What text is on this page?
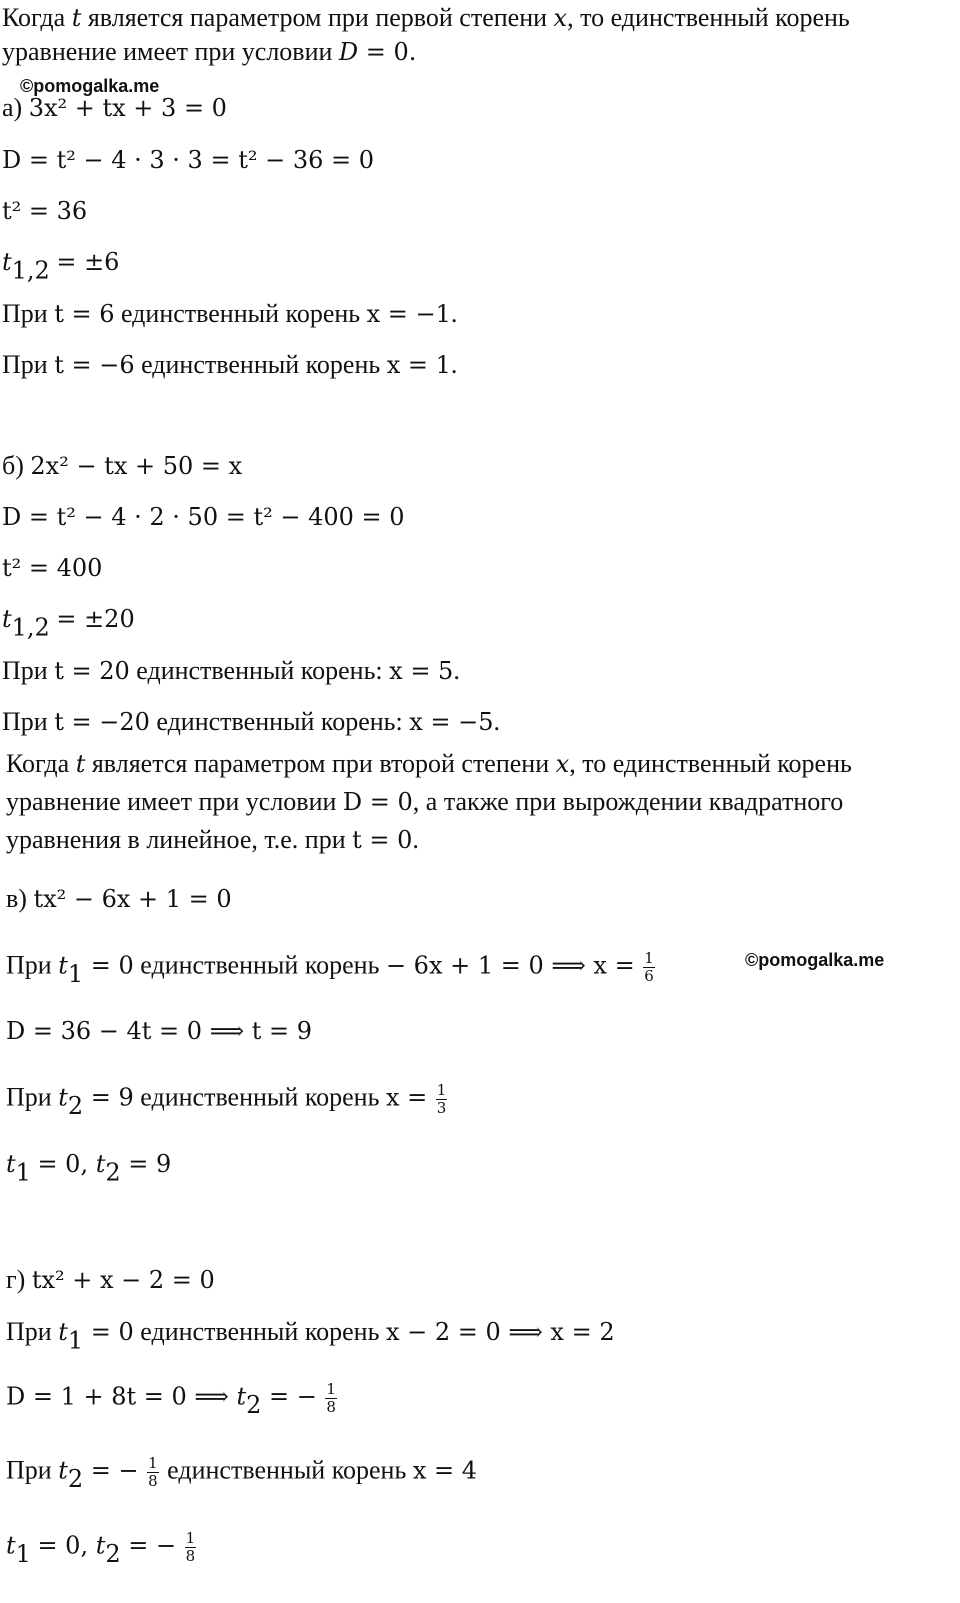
©pomogalka.me
©pomogalka.me
Когда t является параметром при первой степени x, то единственный корень
уравнение имеет при условии D = 0.
а) 3x² + tx + 3 = 0
D = t² − 4 · 3 · 3 = t² − 36 = 0
t² = 36
$t_{1,2} = \pm 6$
При t = 6 единственный корень x = −1.
При t = −6 единственный корень x = 1.
б) 2x² − tx + 50 = x
D = t² − 4 · 2 · 50 = t² − 400 = 0
t² = 400
$t_{1,2} = \pm 20$
При t = 20 единственный корень: x = 5.
При t = −20 единственный корень: x = −5.
Когда t является параметром при второй степени x, то единственный корень
уравнение имеет при условии D = 0, а также при вырождении квадратного
уравнения в линейное, т.е. при t = 0.
в) tx² − 6x + 1 = 0
При $t_1 = 0$ единственный корень − 6x + 1 = 0 ⟹ $x = \frac{1}{6}$
D = 36 − 4t = 0 ⟹ t = 9
При $t_2 = 9$ единственный корень $x = \frac{1}{3}$
$t_1 = 0$, $t_2 = 9$
г) tx² + x − 2 = 0
При $t_1 = 0$ единственный корень x − 2 = 0 ⟹ x = 2
D = 1 + 8t = 0 ⟹ $t_2$ = − $\frac{1}{8}$
При $t_2$ = − $\frac{1}{8}$ единственный корень x = 4
$t_1 = 0$, $t_2$ = − $\frac{1}{8}$
